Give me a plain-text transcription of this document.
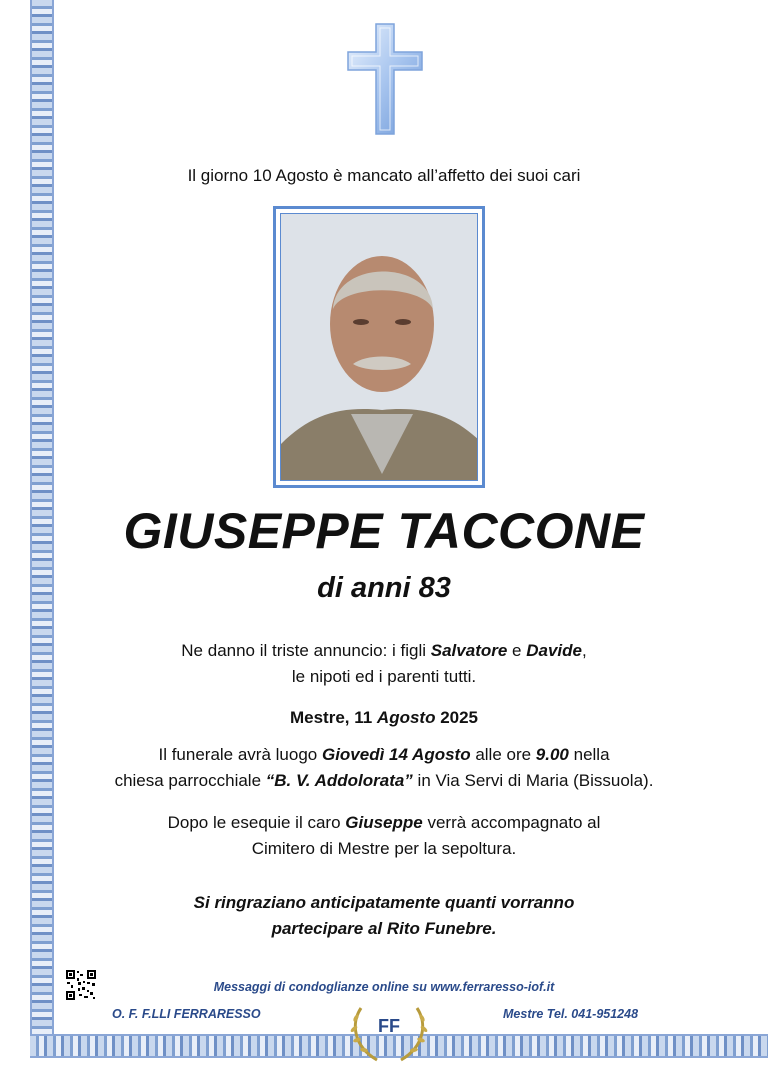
Il giorno 10 Agosto è mancato all’affetto dei suoi cari
GIUSEPPE TACCONE
di anni 83
Ne danno il triste annuncio: i figli Salvatore e Davide,
le nipoti ed i parenti tutti.
Mestre, 11 Agosto 2025
Il funerale avrà luogo Giovedì 14 Agosto alle ore 9.00 nella
chiesa parrocchiale “B. V. Addolorata” in Via Servi di Maria (Bissuola).
Dopo le esequie il caro Giuseppe verrà accompagnato al
Cimitero di Mestre per la sepoltura.
Si ringraziano anticipatamente quanti vorranno
partecipare al Rito Funebre.
Messaggi di condoglianze online su www.ferraresso-iof.it
O. F. F.LLI FERRARESSO	Mestre Tel. 041-951248
FF
